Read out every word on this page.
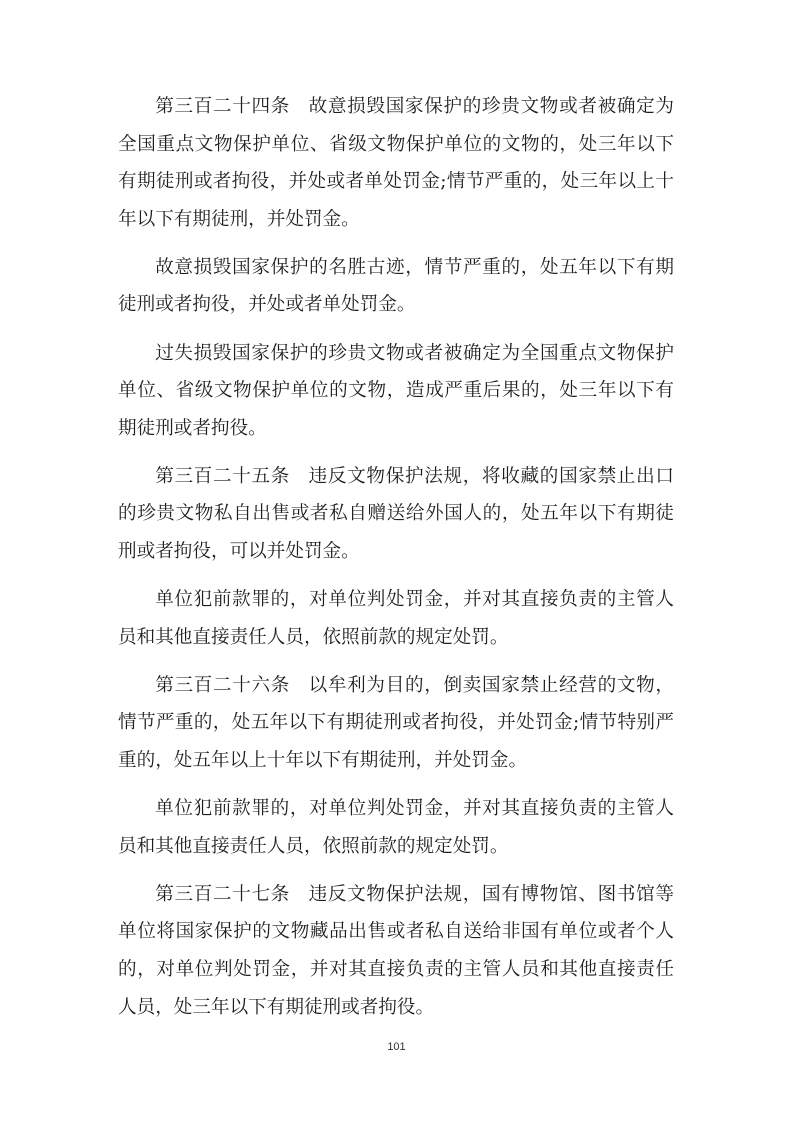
第三百二十四条 故意损毁国家保护的珍贵文物或者被确定为全国重点文物保护单位、省级文物保护单位的文物的，处三年以下有期徒刑或者拘役，并处或者单处罚金;情节严重的，处三年以上十年以下有期徒刑，并处罚金。

故意损毁国家保护的名胜古迹，情节严重的，处五年以下有期徒刑或者拘役，并处或者单处罚金。

过失损毁国家保护的珍贵文物或者被确定为全国重点文物保护单位、省级文物保护单位的文物，造成严重后果的，处三年以下有期徒刑或者拘役。

第三百二十五条 违反文物保护法规，将收藏的国家禁止出口的珍贵文物私自出售或者私自赠送给外国人的，处五年以下有期徒刑或者拘役，可以并处罚金。

单位犯前款罪的，对单位判处罚金，并对其直接负责的主管人员和其他直接责任人员，依照前款的规定处罚。

第三百二十六条 以牟利为目的，倒卖国家禁止经营的文物，情节严重的，处五年以下有期徒刑或者拘役，并处罚金;情节特别严重的，处五年以上十年以下有期徒刑，并处罚金。

单位犯前款罪的，对单位判处罚金，并对其直接负责的主管人员和其他直接责任人员，依照前款的规定处罚。

第三百二十七条 违反文物保护法规，国有博物馆、图书馆等单位将国家保护的文物藏品出售或者私自送给非国有单位或者个人的，对单位判处罚金，并对其直接负责的主管人员和其他直接责任人员，处三年以下有期徒刑或者拘役。

101
